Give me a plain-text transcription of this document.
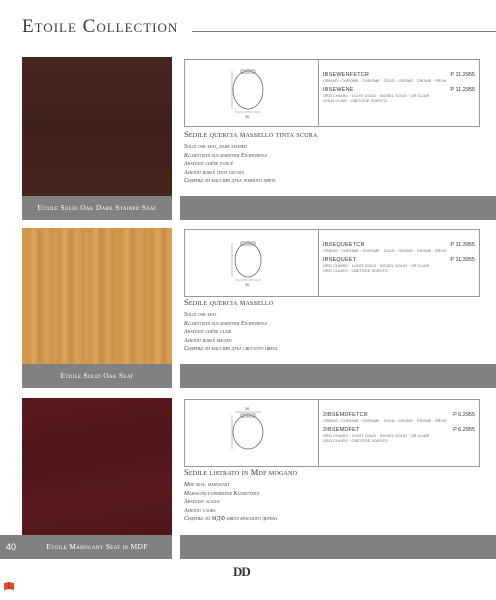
Etoile Collection
Etoile Solid Oak Dark Stained Seat
36
IBSEWENFETCR	P 11.2955
CREMO · CHROME · CHROME · GOLD · CROME · CROME · SROK
IBSEWENE	P 11.2955
ORO CHIARO · LIGHT GOLD · NICKEL SOLID · OR CLAIR
GOLD CLAIR · СВЕТЛОЕ ЗОЛОТО
Sedile quercia massello tinta scura
Solid oak seat, dark stained
Klosettsitz aus massivem Eichenholz
Abattant chêne foncé
Asiento roble tinta oscura
Сиденье из массива дуба темного цвета
Etoile Solid Oak Seat
36
IBSEQUEETCR	P 11.3955
CREMO · CHROME · CHROME · GOLD · CROME · CROME · SROK
IBSEQUEET	P 11.3955
ORO CHIARO · LIGHT GOLD · NICKEL SOLID · OR CLAIR
ORO CLAIRO · СВЕТЛОЕ ЗОЛОТО
Sedile quercia massello
Solid oak seat
Klosettsitz aus massivem Eichenholz
Abattant chêne clair
Asiento roble macizo
Сиденье из массива дуба светлого цвета
Etoile Mahogany Seat in MDF
36
2IBSEMDFETCR	P 6.2955
CREMO · CHROME · CHROME · GOLD · CROME · CROME · SROK
2IBSEMDFET	P 6.2955
ORO CHIARO · LIGHT GOLD · NICKEL SOLID · OR CLAIR
ORO CLAIRO · СВЕТЛОЕ ЗОЛОТО
Sedile listrato in Mdf mogano
Mdf seat, mahogany
Mahagoni furnierter Klosettsitz
Abattant acajou
Asiento caoba
Сиденье из МДФ цвета красного дерева
40
DD
